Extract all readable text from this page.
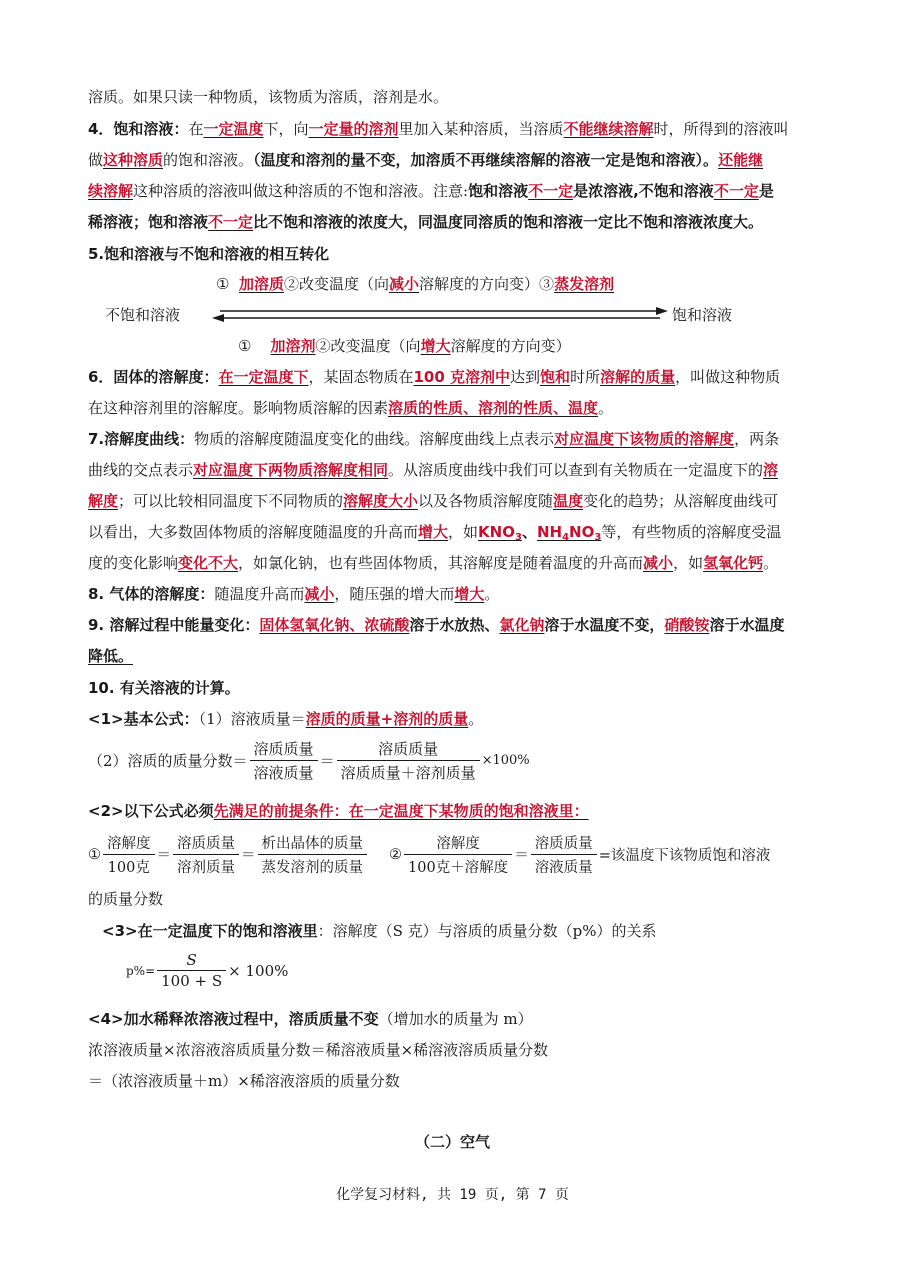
溶质。如果只读一种物质，该物质为溶质，溶剂是水。
4．饱和溶液：在一定温度下，向一定量的溶剂里加入某种溶质，当溶质不能继续溶解时，所得到的溶液叫
做这种溶质的饱和溶液。（温度和溶剂的量不变，加溶质不再继续溶解的溶液一定是饱和溶液）。还能继
续溶解这种溶质的溶液叫做这种溶质的不饱和溶液。注意:饱和溶液不一定是浓溶液,不饱和溶液不一定是
稀溶液；饱和溶液不一定比不饱和溶液的浓度大，同温度同溶质的饱和溶液一定比不饱和溶液浓度大。
5.饱和溶液与不饱和溶液的相互转化
① 加溶质②改变温度（向减小溶解度的方向变）③蒸发溶剂
不饱和溶液	饱和溶液
① 加溶剂②改变温度（向增大溶解度的方向变）
6．固体的溶解度：在一定温度下，某固态物质在100 克溶剂中达到饱和时所溶解的质量，叫做这种物质
在这种溶剂里的溶解度。影响物质溶解的因素溶质的性质、溶剂的性质、温度。
7.溶解度曲线：物质的溶解度随温度变化的曲线。溶解度曲线上点表示对应温度下该物质的溶解度，两条
曲线的交点表示对应温度下两物质溶解度相同。从溶质度曲线中我们可以查到有关物质在一定温度下的溶
解度；可以比较相同温度下不同物质的溶解度大小以及各物质溶解度随温度变化的趋势；从溶解度曲线可
以看出，大多数固体物质的溶解度随温度的升高而增大，如$KNO_3$、$NH_4NO_3$等，有些物质的溶解度受温
度的变化影响变化不大，如氯化钠，也有些固体物质，其溶解度是随着温度的升高而减小，如氢氧化钙。
8. 气体的溶解度：随温度升高而减小，随压强的增大而增大。
9. 溶解过程中能量变化：固体氢氧化钠、浓硫酸溶于水放热、氯化钠溶于水温度不变，硝酸铵溶于水温度
降低。
10. 有关溶液的计算。
<1>基本公式：（1）溶液质量＝溶质的质量+溶剂的质量。
（2）溶质的质量分数＝ $\frac{\text{溶质质量}}{\text{溶液质量}} = \frac{\text{溶质质量}}{\text{溶质质量＋溶剂质量}} \times 100\%$
<2>以下公式必须先满足的前提条件：在一定温度下某物质的饱和溶液里：
① $\frac{\text{溶解度}}{\text{100克}} = \frac{\text{溶质质量}}{\text{溶剂质量}} = \frac{\text{析出晶体的质量}}{\text{蒸发溶剂的质量}}$ ② $\frac{\text{溶解度}}{\text{100克＋溶解度}} = \frac{\text{溶质质量}}{\text{溶液质量}}$ =该温度下该物质饱和溶液
的质量分数
<3>在一定温度下的饱和溶液里：溶解度（S 克）与溶质的质量分数（p%）的关系
$p\%= \frac{S}{100 + S} \times 100\%$
<4>加水稀释浓溶液过程中，溶质质量不变（增加水的质量为 m）
浓溶液质量×浓溶液溶质质量分数＝稀溶液质量×稀溶液溶质质量分数
＝（浓溶液质量＋m）×稀溶液溶质的质量分数
（二）空气
化学复习材料, 共 19 页, 第 7 页
